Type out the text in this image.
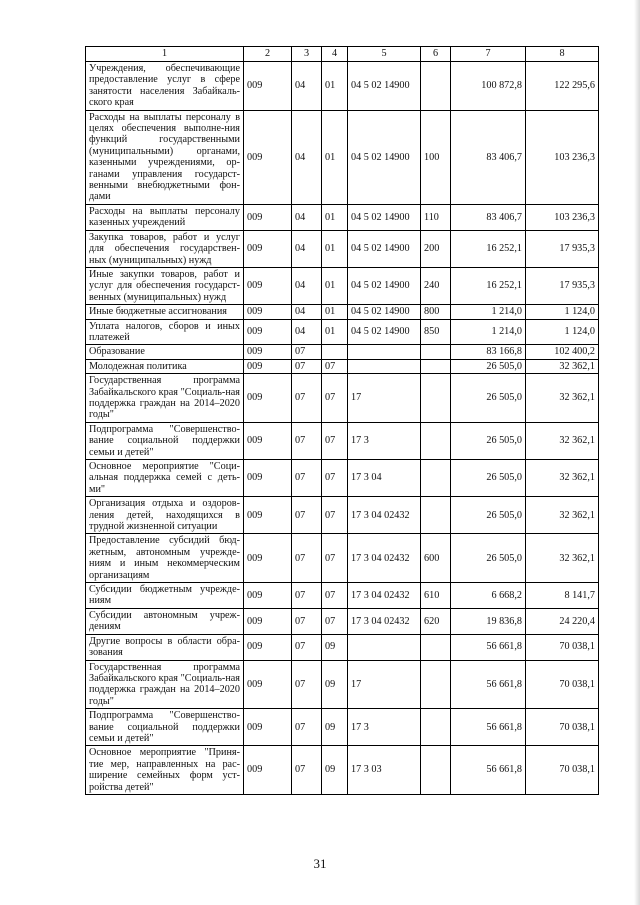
1	2	3	4	5	6	7	8
Учреждения, обеспечивающие предоставление услуг в сфере занятости населения Забайкаль-ского края	009	04	01	04 5 02 14900		100 872,8	122 295,6
Расходы на выплаты персоналу в целях обеспечения выполне-ния функций государственными (муниципальными) органами, казенными учреждениями, ор-ганами управления государст-венными внебюджетными фон-дами	009	04	01	04 5 02 14900	100	83 406,7	103 236,3
Расходы на выплаты персоналу казенных учреждений	009	04	01	04 5 02 14900	110	83 406,7	103 236,3
Закупка товаров, работ и услуг для обеспечения государствен-ных (муниципальных) нужд	009	04	01	04 5 02 14900	200	16 252,1	17 935,3
Иные закупки товаров, работ и услуг для обеспечения государст-венных (муниципальных) нужд	009	04	01	04 5 02 14900	240	16 252,1	17 935,3
Иные бюджетные ассигнования	009	04	01	04 5 02 14900	800	1 214,0	1 124,0
Уплата налогов, сборов и иных платежей	009	04	01	04 5 02 14900	850	1 214,0	1 124,0
Образование	009	07				83 166,8	102 400,2
Молодежная политика	009	07	07			26 505,0	32 362,1
Государственная программа Забайкальского края "Социаль-ная поддержка граждан на 2014–2020 годы"	009	07	07	17		26 505,0	32 362,1
Подпрограмма "Совершенство-вание социальной поддержки семьи и детей"	009	07	07	17 3		26 505,0	32 362,1
Основное мероприятие "Соци-альная поддержка семей с деть-ми"	009	07	07	17 3 04		26 505,0	32 362,1
Организация отдыха и оздоров-ления детей, находящихся в трудной жизненной ситуации	009	07	07	17 3 04 02432		26 505,0	32 362,1
Предоставление субсидий бюд-жетным, автономным учрежде-ниям и иным некоммерческим организациям	009	07	07	17 3 04 02432	600	26 505,0	32 362,1
Субсидии бюджетным учрежде-ниям	009	07	07	17 3 04 02432	610	6 668,2	8 141,7
Субсидии автономным учреж-дениям	009	07	07	17 3 04 02432	620	19 836,8	24 220,4
Другие вопросы в области обра-зования	009	07	09			56 661,8	70 038,1
Государственная программа Забайкальского края "Социаль-ная поддержка граждан на 2014–2020 годы"	009	07	09	17		56 661,8	70 038,1
Подпрограмма "Совершенство-вание социальной поддержки семьи и детей"	009	07	09	17 3		56 661,8	70 038,1
Основное мероприятие "Приня-тие мер, направленных на рас-ширение семейных форм уст-ройства детей"	009	07	09	17 3 03		56 661,8	70 038,1
31
